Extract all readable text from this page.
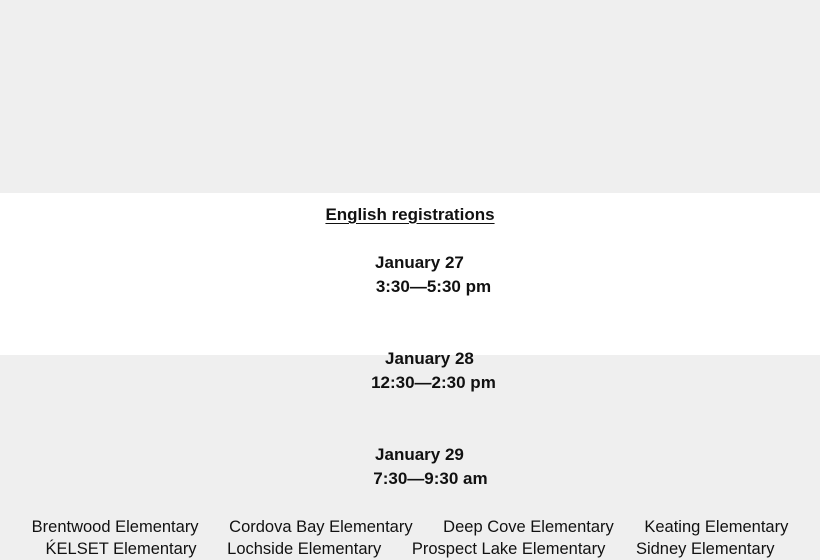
English registrations

January 27
3:30—5:30 pm

January 28
12:30—2:30 pm

January 29
7:30—9:30 am

Brentwood Elementary Cordova Bay Elementary Deep Cove Elementary Keating Elementary
ḰELSET Elementary Lochside Elementary Prospect Lake Elementary Sidney Elementary
